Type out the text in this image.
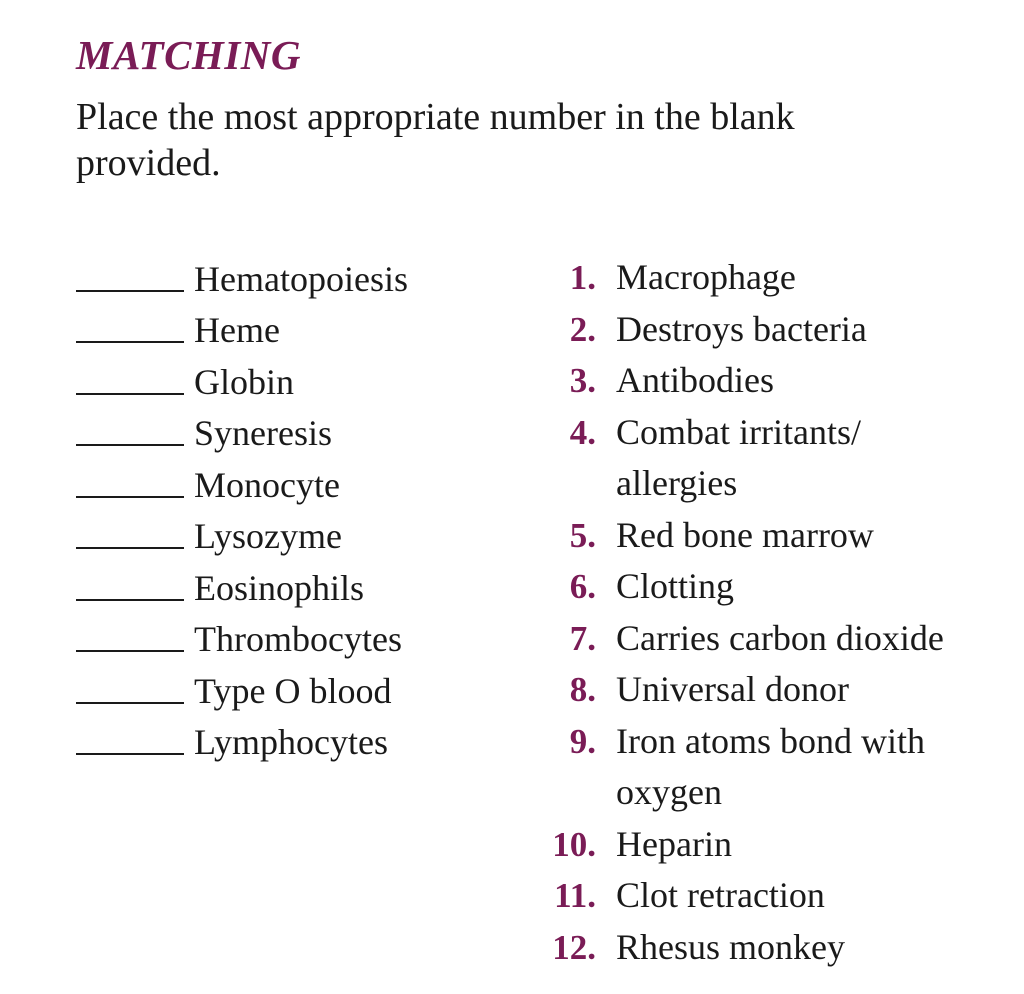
MATCHING

Place the most appropriate number in the blank provided.

Hematopoiesis
Heme
Globin
Syneresis
Monocyte
Lysozyme
Eosinophils
Thrombocytes
Type O blood
Lymphocytes
1. Macrophage
2. Destroys bacteria
3. Antibodies
4. Combat irritants/ allergies
5. Red bone marrow
6. Clotting
7. Carries carbon dioxide
8. Universal donor
9. Iron atoms bond with oxygen
10. Heparin
11. Clot retraction
12. Rhesus monkey
